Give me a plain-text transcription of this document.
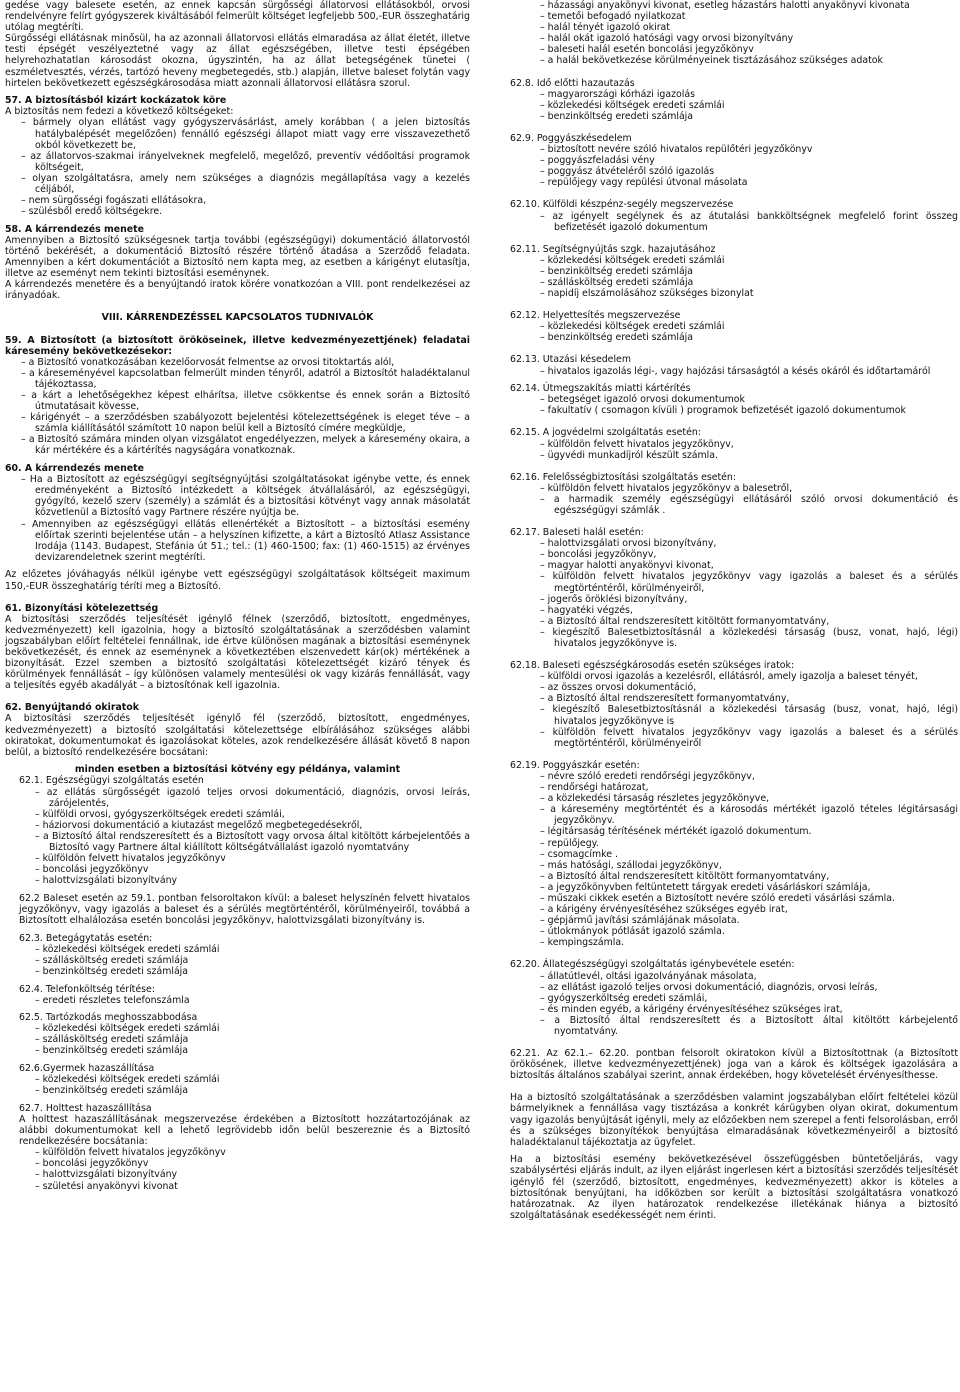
gedése vagy balesete esetén, az ennek kapcsán sürgősségi állatorvosi ellátásokból, orvosi rendelvényre felírt gyógyszerek kiváltásából felmerült költséget legfeljebb 500,-EUR összeghatárig utólag megtéríti.

Sürgősségi ellátásnak minősül, ha az azonnali állatorvosi ellátás elmaradása az állat életét, illetve testi épségét veszélyeztetné vagy az állat egészségében, illetve testi épségében helyrehozhatatlan károsodást okozna, úgyszintén, ha az állat betegségének tünetei ( eszméletvesztés, vérzés, tartózó heveny megbetegedés, stb.) alapján, illetve baleset folytán vagy hirtelen bekövetkezett egészségkárosodása miatt azonnali állatorvosi ellátásra szorul.

57. A biztosításból kizárt kockázatok köre

A biztosítás nem fedezi a következő költségeket:

– bármely olyan ellátást vagy gyógyszervásárlást, amely korábban ( a jelen biztosítás hatálybalépését megelőzően) fennálló egészségi állapot miatt vagy erre visszavezethető okból következett be,

– az állatorvos-szakmai irányelveknek megfelelő, megelőző, preventív védőoltási programok költségeit,

– olyan szolgáltatásra, amely nem szükséges a diagnózis megállapítása vagy a kezelés céljából,

– nem sürgősségi fogászati ellátásokra,

– szülésből eredő költségekre.

58. A kárrendezés menete

Amennyiben a Biztosító szükségesnek tartja további (egészségügyi) dokumentáció állatorvostól történő bekérését, a dokumentáció Biztosító részére történő átadása a Szerződő feladata. Amennyiben a kért dokumentációt a Biztosító nem kapta meg, az esetben a kárigényt elutasítja, illetve az eseményt nem tekinti biztosítási eseménynek.

A kárrendezés menetére és a benyújtandó iratok körére vonatkozóan a VIII. pont rendelkezései az irányadóak.

VIII. KÁRRENDEZÉSSEL KAPCSOLATOS TUDNIVALÓK

59. A Biztosított (a biztosított örököseinek, illetve kedvezményezettjének) feladatai káresemény bekövetkezésekor:

– a Biztosító vonatkozásában kezelőorvosát felmentse az orvosi titoktartás alól,

– a káreseményével kapcsolatban felmerült minden tényről, adatról a Biztosítót haladéktalanul tájékoztassa,

– a kárt a lehetőségekhez képest elhárítsa, illetve csökkentse és ennek során a Biztosító útmutatásait kövesse,

– kárigényét – a szerződésben szabályozott bejelentési kötelezettségének is eleget téve – a számla kiállításától számított 10 napon belül kell a Biztosító címére megküldje,

– a Biztosító számára minden olyan vizsgálatot engedélyezzen, melyek a káresemény okaira, a kár mértékére és a kártérítés nagyságára vonatkoznak.

60. A kárrendezés menete

– Ha a Biztosított az egészségügyi segítségnyújtási szolgáltatásokat igénybe vette, és ennek eredményeként a Biztosító intézkedett a költségek átvállalásáról, az egészségügyi, gyógyító, kezelő szerv (személy) a számlát és a biztosítási kötvényt vagy annak másolatát közvetlenül a Biztosító vagy Partnere részére nyújtja be.

– Amennyiben az egészségügyi ellátás ellenértékét a Biztosított – a biztosítási esemény előírtak szerinti bejelentése után – a helyszínen kifizette, a kárt a Biztosító Atlasz Assistance Irodája (1143. Budapest, Stefánia út 51.; tel.: (1) 460-1500; fax: (1) 460-1515) az érvényes devizarendeletnek szerint megtéríti.

Az előzetes jóváhagyás nélkül igénybe vett egészségügyi szolgáltatások költségeit maximum 150,-EUR összeghatárig téríti meg a Biztosító.

61. Bizonyítási kötelezettség

A biztosítási szerződés teljesítését igénylő félnek (szerződő, biztosított, engedményes, kedvezményezett) kell igazolnia, hogy a biztosító szolgáltatásának a szerződésben valamint jogszabályban előírt feltételei fennállnak, ide értve különösen magának a biztosítási eseménynek bekövetkezését, és ennek az eseménynek a következtében elszenvedett kár(ok) mértékének a bizonyítását. Ezzel szemben a biztosító szolgáltatási kötelezettségét kizáró tények és körülmények fennállását – így különösen valamely mentesülési ok vagy kizárás fennállását, vagy a teljesítés egyéb akadályát – a biztosítónak kell igazolnia.

62. Benyújtandó okiratok

A biztosítási szerződés teljesítését igénylő fél (szerződő, biztosított, engedményes, kedvezményezett) a biztosító szolgáltatási kötelezettsége elbírálásához szükséges alábbi okiratokat, dokumentumokat és igazolásokat köteles, azok rendelkezésére állását követő 8 napon belül, a biztosító rendelkezésére bocsátani:

minden esetben a biztosítási kötvény egy példánya, valamint

62.1. Egészségügyi szolgáltatás esetén

– az ellátás sürgősségét igazoló teljes orvosi dokumentáció, diagnózis, orvosi leírás, zárójelentés,

– külföldi orvosi, gyógyszerköltségek eredeti számlái,

– háziorvosi dokumentáció a kiutazást megelőző megbetegedésekről,

– a Biztosító által rendszeresített és a Biztosított vagy orvosa által kitöltött kárbejelentőés a Biztosító vagy Partnere által kiállított költségátvállalást igazoló nyomtatvány

– külföldön felvett hivatalos jegyzőkönyv

– boncolási jegyzőkönyv

– halottvizsgálati bizonyítvány

62.2 Baleset esetén az 59.1. pontban felsoroltakon kívül: a baleset helyszínén felvett hivatalos jegyzőkönyv, vagy igazolás a baleset és a sérülés megtörténtéről, körülményeiről, továbbá a Biztosított elhalálozása esetén boncolási jegyzőkönyv, halottvizsgálati bizonyítvány is.

62.3. Betegágytatás esetén:

– közlekedési költségek eredeti számlái

– szállásköltség eredeti számlája

– benzinköltség eredeti számlája

62.4. Telefonköltség térítése:

– eredeti részletes telefonszámla

62.5. Tartózkodás meghosszabbodása

– közlekedési költségek eredeti számlái

– szállásköltség eredeti számlája

– benzinköltség eredeti számlája

62.6.Gyermek hazaszállítása

– közlekedési költségek eredeti számlái

– benzinköltség eredeti számlája

62.7. Holttest hazaszállítása

A holttest hazaszállításának megszervezése érdekében a Biztosított hozzátartozójának az alábbi dokumentumokat kell a lehető legrövidebb időn belül beszereznie és a Biztosító rendelkezésére bocsátania:

– külföldön felvett hivatalos jegyzőkönyv

– boncolási jegyzőkönyv

– halottvizsgálati bizonyítvány

– születési anyakönyvi kivonat

– házassági anyakönyvi kivonat, esetleg házastárs halotti anyakönyvi kivonata

– temetői befogadó nyilatkozat

– halál tényét igazoló okirat

– halál okát igazoló hatósági vagy orvosi bizonyítvány

– baleseti halál esetén boncolási jegyzőkönyv

– a halál bekövetkezése körülményeinek tisztázásához szükséges adatok

62.8. Idő előtti hazautazás

– magyarországi kórházi igazolás

– közlekedési költségek eredeti számlái

– benzinköltség eredeti számlája

62.9. Poggyászkésedelem

– biztosított nevére szóló hivatalos repülőtéri jegyzőkönyv

– poggyászfeladási vény

– poggyász átvételéről szóló igazolás

– repülőjegy vagy repülési útvonal másolata

62.10. Külföldi készpénz-segély megszervezése

– az igényelt segélynek és az átutalási bankköltségnek megfelelő forint összeg befizetését igazoló dokumentum

62.11. Segítségnyújtás szgk. hazajutásához

– közlekedési költségek eredeti számlái

– benzinköltség eredeti számlája

– szállásköltség eredeti számlája

– napidíj elszámolásához szükséges bizonylat

62.12. Helyettesítés megszervezése

– közlekedési költségek eredeti számlái

– benzinköltség eredeti számlája

62.13. Utazási késedelem

– hivatalos igazolás légi-, vagy hajózási társaságtól a késés okáról és időtartamáról

62.14. Útmegszakítás miatti kártérítés

– betegséget igazoló orvosi dokumentumok

– fakultatív ( csomagon kívüli ) programok befizetését igazoló dokumentumok

62.15. A jogvédelmi szolgáltatás esetén:

– külföldön felvett hivatalos jegyzőkönyv,

– ügyvédi munkadíjról készült számla.

62.16. Felelősségbiztosítási szolgáltatás esetén:

– külföldön felvett hivatalos jegyzőkönyv a balesetről,

– a harmadik személy egészségügyi ellátásáról szóló orvosi dokumentáció és egészségügyi számlák .

62.17. Baleseti halál esetén:

– halottvizsgálati orvosi bizonyítvány,

– boncolási jegyzőkönyv,

– magyar halotti anyakönyvi kivonat,

– külföldön felvett hivatalos jegyzőkönyv vagy igazolás a baleset és a sérülés megtörténtéről, körülményeiről,

– jogerős öröklési bizonyítvány,

– hagyatéki végzés,

– a Biztosító által rendszeresített kitöltött formanyomtatvány,

– kiegészítő Balesetbiztosításnál a közlekedési társaság (busz, vonat, hajó, légi) hivatalos jegyzőkönyve is.

62.18. Baleseti egészségkárosodás esetén szükséges iratok:

– külföldi orvosi igazolás a kezelésről, ellátásról, amely igazolja a baleset tényét,

– az összes orvosi dokumentáció,

– a Biztosító által rendszeresített formanyomtatvány,

– kiegészítő Balesetbiztosításnál a közlekedési társaság (busz, vonat, hajó, légi) hivatalos jegyzőkönyve is

– külföldön felvett hivatalos jegyzőkönyv vagy igazolás a baleset és a sérülés megtörténtéről, körülményeiről

62.19. Poggyászkár esetén:

– névre szóló eredeti rendőrségi jegyzőkönyv,

– rendőrségi határozat,

– a közlekedési társaság részletes jegyzőkönyve,

– a káresemény megtörténtét és a károsodás mértékét igazoló tételes légitársasági jegyzőkönyv.

– légitársaság térítésének mértékét igazoló dokumentum.

– repülőjegy.

– csomagcímke .

– más hatósági, szállodai jegyzőkönyv,

– a Biztosító által rendszeresített kitöltött formanyomtatvány,

– a jegyzőkönyvben feltüntetett tárgyak eredeti vásárláskori számlája,

– műszaki cikkek esetén a Biztosított nevére szóló eredeti vásárlási számla.

– a kárigény érvényesítéséhez szükséges egyéb irat,

– gépjármű javítási számlájának másolata.

– útlokmányok pótlását igazoló számla.

– kempingszámla.

62.20. Állategészségügyi szolgáltatás igénybevétele esetén:

– állatútlevél, oltási igazolványának másolata,

– az ellátást igazoló teljes orvosi dokumentáció, diagnózis, orvosi leírás,

– gyógyszerköltség eredeti számlái,

– és minden egyéb, a kárigény érvényesítéséhez szükséges irat,

– a Biztosító által rendszeresített és a Biztosított által kitöltött kárbejelentő nyomtatvány.

62.21. Az 62.1.– 62.20. pontban felsorolt okiratokon kívül a Biztosítottnak (a Biztosított örökösének, illetve kedvezményezettjének) joga van a károk és költségek igazolására a biztosítás általános szabályai szerint, annak érdekében, hogy követelését érvényesíthesse.

Ha a biztosító szolgáltatásának a szerződésben valamint jogszabályban előírt feltételei közül bármelyiknek a fennállása vagy tisztázása a konkrét kárügyben olyan okirat, dokumentum vagy igazolás benyújtását igényli, mely az előzőekben nem szerepel a fenti felsorolásban, erről és a szükséges bizonyítékok benyújtása elmaradásának következményeiről a biztosító haladéktalanul tájékoztatja az ügyfelet.

Ha a biztosítási esemény bekövetkezésével összefüggésben büntetőeljárás, vagy szabálysértési eljárás indult, az ilyen eljárást ingerlesen kért a biztosítási szerződés teljesítését igénylő fél (szerződő, biztosított, engedményes, kedvezményezett) akkor is köteles a biztosítónak benyújtani, ha időközben sor került a biztosítási szolgáltatásra vonatkozó határozatnak. Az ilyen határozatok rendelkezése illetékának hiánya a biztosító szolgáltatásának esedékességét nem érinti.
